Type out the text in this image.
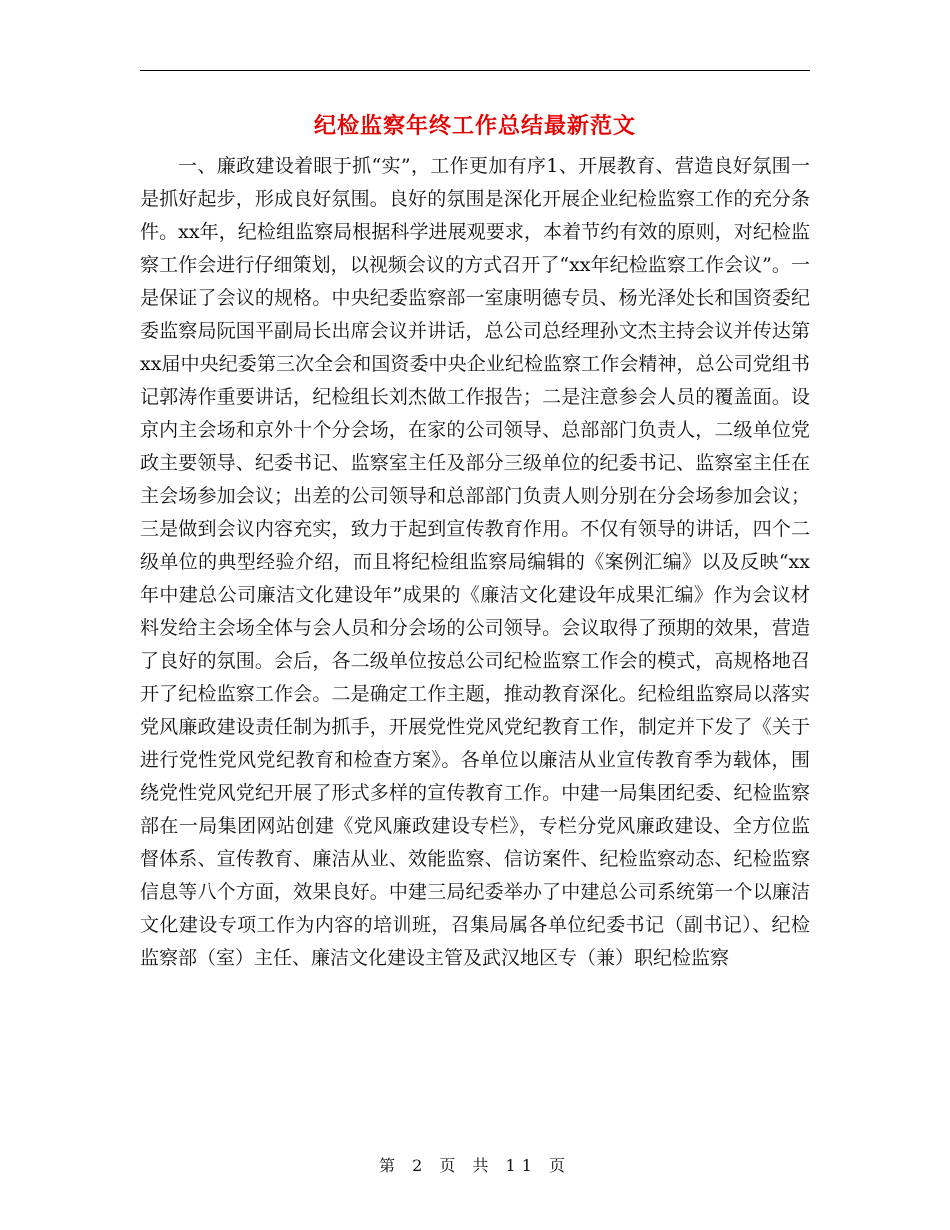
纪检监察年终工作总结最新范文

一、廉政建设着眼于抓“实”，工作更加有序1、开展教育、营造良好氛围一是抓好起步，形成良好氛围。良好的氛围是深化开展企业纪检监察工作的充分条件。xx年，纪检组监察局根据科学进展观要求，本着节约有效的原则，对纪检监察工作会进行仔细策划，以视频会议的方式召开了“xx年纪检监察工作会议”。一是保证了会议的规格。中央纪委监察部一室康明德专员、杨光泽处长和国资委纪委监察局阮国平副局长出席会议并讲话，总公司总经理孙文杰主持会议并传达第xx届中央纪委第三次全会和国资委中央企业纪检监察工作会精神，总公司党组书记郭涛作重要讲话，纪检组长刘杰做工作报告；二是注意参会人员的覆盖面。设京内主会场和京外十个分会场，在家的公司领导、总部部门负责人，二级单位党政主要领导、纪委书记、监察室主任及部分三级单位的纪委书记、监察室主任在主会场参加会议；出差的公司领导和总部部门负责人则分别在分会场参加会议；三是做到会议内容充实，致力于起到宣传教育作用。不仅有领导的讲话，四个二级单位的典型经验介绍，而且将纪检组监察局编辑的《案例汇编》以及反映“xx年中建总公司廉洁文化建设年”成果的《廉洁文化建设年成果汇编》作为会议材料发给主会场全体与会人员和分会场的公司领导。会议取得了预期的效果，营造了良好的氛围。会后，各二级单位按总公司纪检监察工作会的模式，高规格地召开了纪检监察工作会。二是确定工作主题，推动教育深化。纪检组监察局以落实党风廉政建设责任制为抓手，开展党性党风党纪教育工作，制定并下发了《关于进行党性党风党纪教育和检查方案》。各单位以廉洁从业宣传教育季为载体，围绕党性党风党纪开展了形式多样的宣传教育工作。中建一局集团纪委、纪检监察部在一局集团网站创建《党风廉政建设专栏》，专栏分党风廉政建设、全方位监督体系、宣传教育、廉洁从业、效能监察、信访案件、纪检监察动态、纪检监察信息等八个方面，效果良好。中建三局纪委举办了中建总公司系统第一个以廉洁文化建设专项工作为内容的培训班，召集局属各单位纪委书记（副书记）、纪检监察部（室）主任、廉洁文化建设主管及武汉地区专（兼）职纪检监察

第 2 页 共 11 页
